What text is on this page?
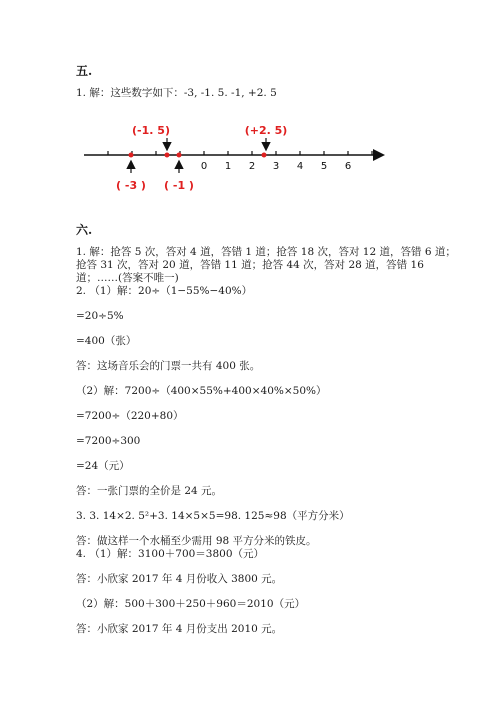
五.
1. 解：这些数字如下：-3, -1. 5. -1, +2. 5
0 1 2 3 4 5 6
(-1. 5)	(+2. 5)
( -3 ) ( -1 )
六.
1. 解：抢答 5 次，答对 4 道，答错 1 道；抢答 18 次，答对 12 道，答错 6 道；
抢答 31 次，答对 20 道，答错 11 道；抢答 44 次，答对 28 道，答错 16
道；……(答案不唯一)
2. （1）解：20÷（1−55%−40%）
=20÷5%
=400（张）
答：这场音乐会的门票一共有 400 张。
（2）解：7200÷（400×55%+400×40%×50%）
=7200÷（220+80）
=7200÷300
=24（元）
答：一张门票的全价是 24 元。
3. 3. 14×2. 5²+3. 14×5×5=98. 125≈98（平方分米）
答：做这样一个水桶至少需用 98 平方分米的铁皮。
4. （1）解：3100＋700＝3800（元）
答：小欣家 2017 年 4 月份收入 3800 元。
（2）解：500＋300＋250＋960＝2010（元）
答：小欣家 2017 年 4 月份支出 2010 元。
